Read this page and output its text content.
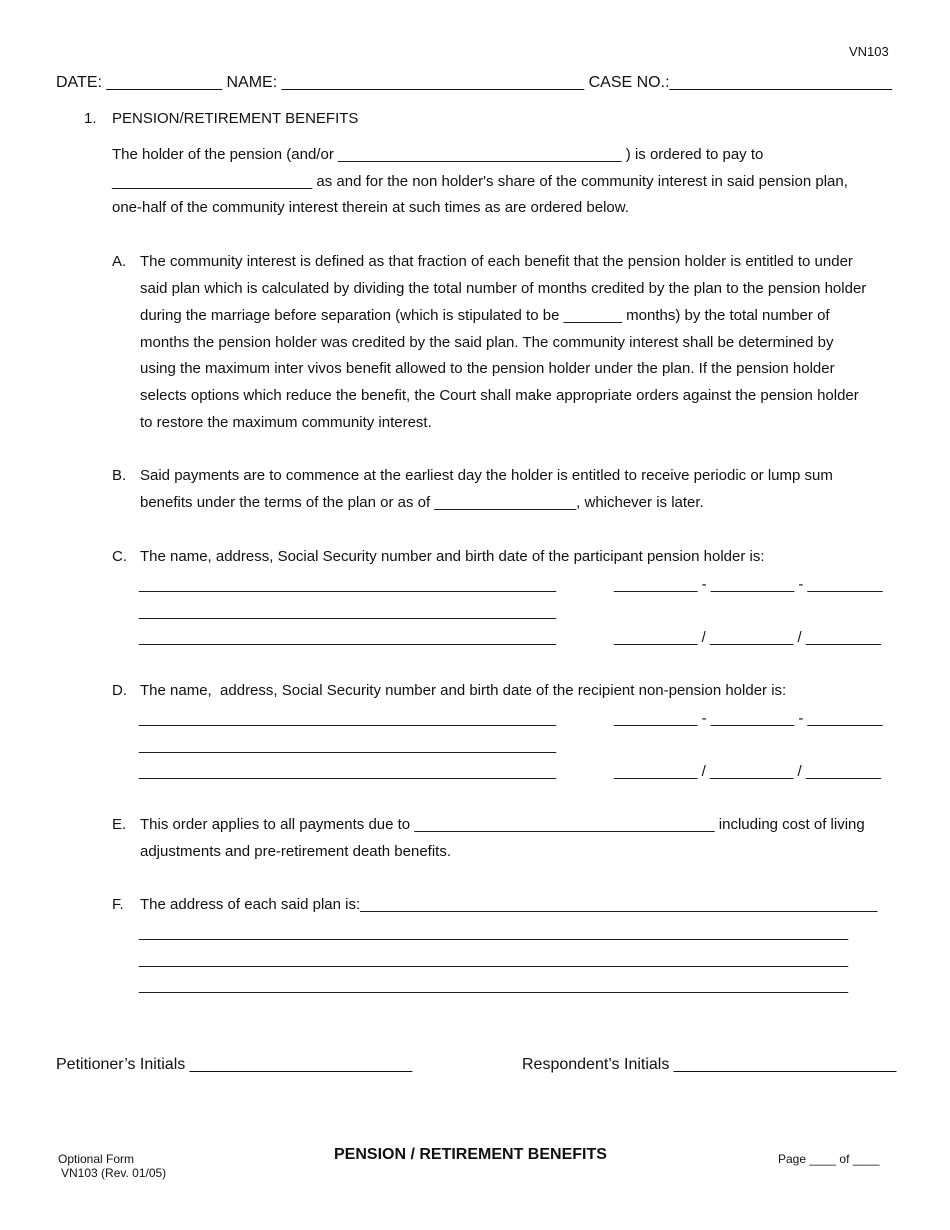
VN103
DATE: _____________ NAME: __________________________________ CASE NO.:_________________________
1. PENSION/RETIREMENT BENEFITS
The holder of the pension (and/or __________________________________ ) is ordered to pay to
________________________ as and for the non holder's share of the community interest in said pension plan,
one-half of the community interest therein at such times as are ordered below.
A. The community interest is defined as that fraction of each benefit that the pension holder is entitled to under
said plan which is calculated by dividing the total number of months credited by the plan to the pension holder
during the marriage before separation (which is stipulated to be _______ months) by the total number of
months the pension holder was credited by the said plan. The community interest shall be determined by
using the maximum inter vivos benefit allowed to the pension holder under the plan. If the pension holder
selects options which reduce the benefit, the Court shall make appropriate orders against the pension holder
to restore the maximum community interest.
B. Said payments are to commence at the earliest day the holder is entitled to receive periodic or lump sum
benefits under the terms of the plan or as of _________________, whichever is later.
C. The name, address, Social Security number and birth date of the participant pension holder is:
__________________________________________________
__________________________________________________
__________________________________________________
__________ - __________ - _________
__________ / __________ / _________
D. The name,  address, Social Security number and birth date of the recipient non-pension holder is:
__________________________________________________
__________________________________________________
__________________________________________________
__________ - __________ - _________
__________ / __________ / _________
E. This order applies to all payments due to ____________________________________ including cost of living
adjustments and pre-retirement death benefits.
F. The address of each said plan is:______________________________________________________________
_____________________________________________________________________________________
_____________________________________________________________________________________
_____________________________________________________________________________________
Petitioner’s Initials _________________________	Respondent’s Initials _________________________
Optional Form
VN103 (Rev. 01/05)
PENSION / RETIREMENT BENEFITS	Page ____ of ____
